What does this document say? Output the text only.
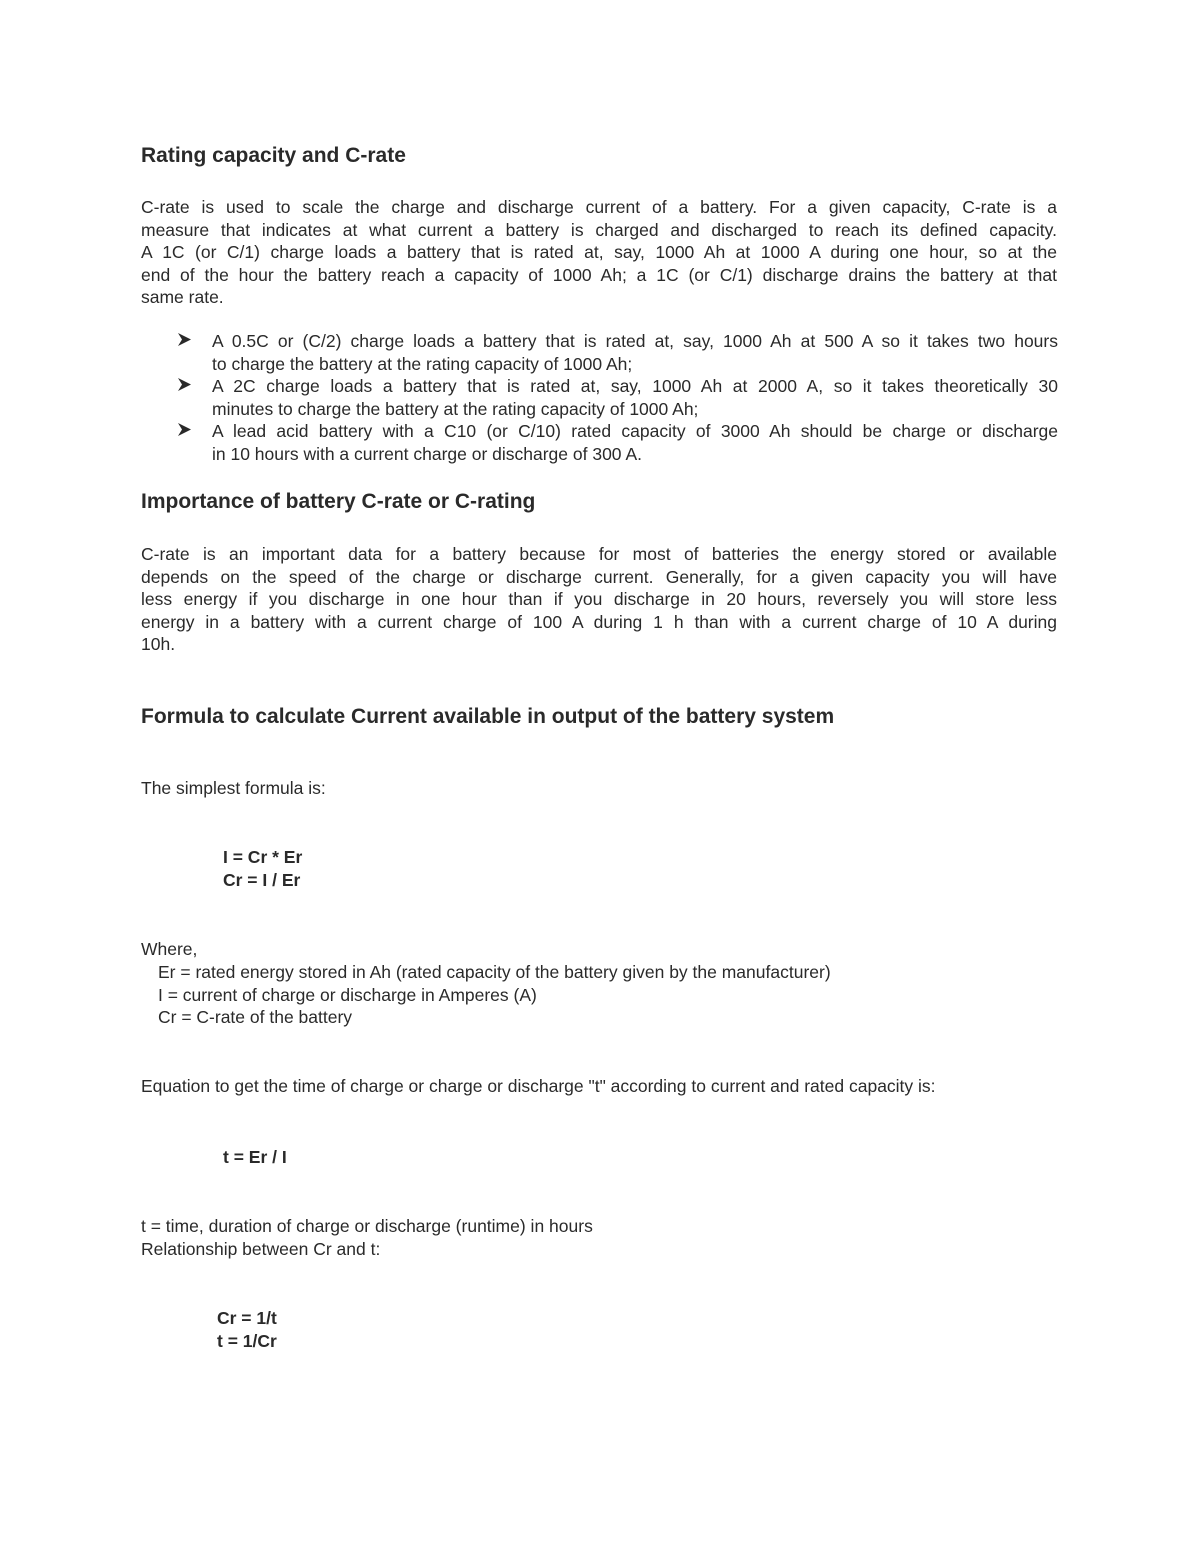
Rating capacity and C-rate
C-rate is used to scale the charge and discharge current of a battery. For a given capacity, C-rate is a
measure that indicates at what current a battery is charged and discharged to reach its defined capacity.
A 1C (or C/1) charge loads a battery that is rated at, say, 1000 Ah at 1000 A during one hour, so at the
end of the hour the battery reach a capacity of 1000 Ah; a 1C (or C/1) discharge drains the battery at that
same rate.
A 0.5C or (C/2) charge loads a battery that is rated at, say, 1000 Ah at 500 A so it takes two hours
to charge the battery at the rating capacity of 1000 Ah;
A 2C charge loads a battery that is rated at, say, 1000 Ah at 2000 A, so it takes theoretically 30
minutes to charge the battery at the rating capacity of 1000 Ah;
A lead acid battery with a C10 (or C/10) rated capacity of 3000 Ah should be charge or discharge
in 10 hours with a current charge or discharge of 300 A.
Importance of battery C-rate or C-rating
C-rate is an important data for a battery because for most of batteries the energy stored or available
depends on the speed of the charge or discharge current. Generally, for a given capacity you will have
less energy if you discharge in one hour than if you discharge in 20 hours, reversely you will store less
energy in a battery with a current charge of 100 A during 1 h than with a current charge of 10 A during
10h.
Formula to calculate Current available in output of the battery system
The simplest formula is:
I = Cr * Er
Cr = I / Er
Where,
Er = rated energy stored in Ah (rated capacity of the battery given by the manufacturer)
I = current of charge or discharge in Amperes (A)
Cr = C-rate of the battery
Equation to get the time of charge or charge or discharge "t" according to current and rated capacity is:
t = Er / I
t = time, duration of charge or discharge (runtime) in hours
Relationship between Cr and t:
Cr = 1/t
t = 1/Cr
